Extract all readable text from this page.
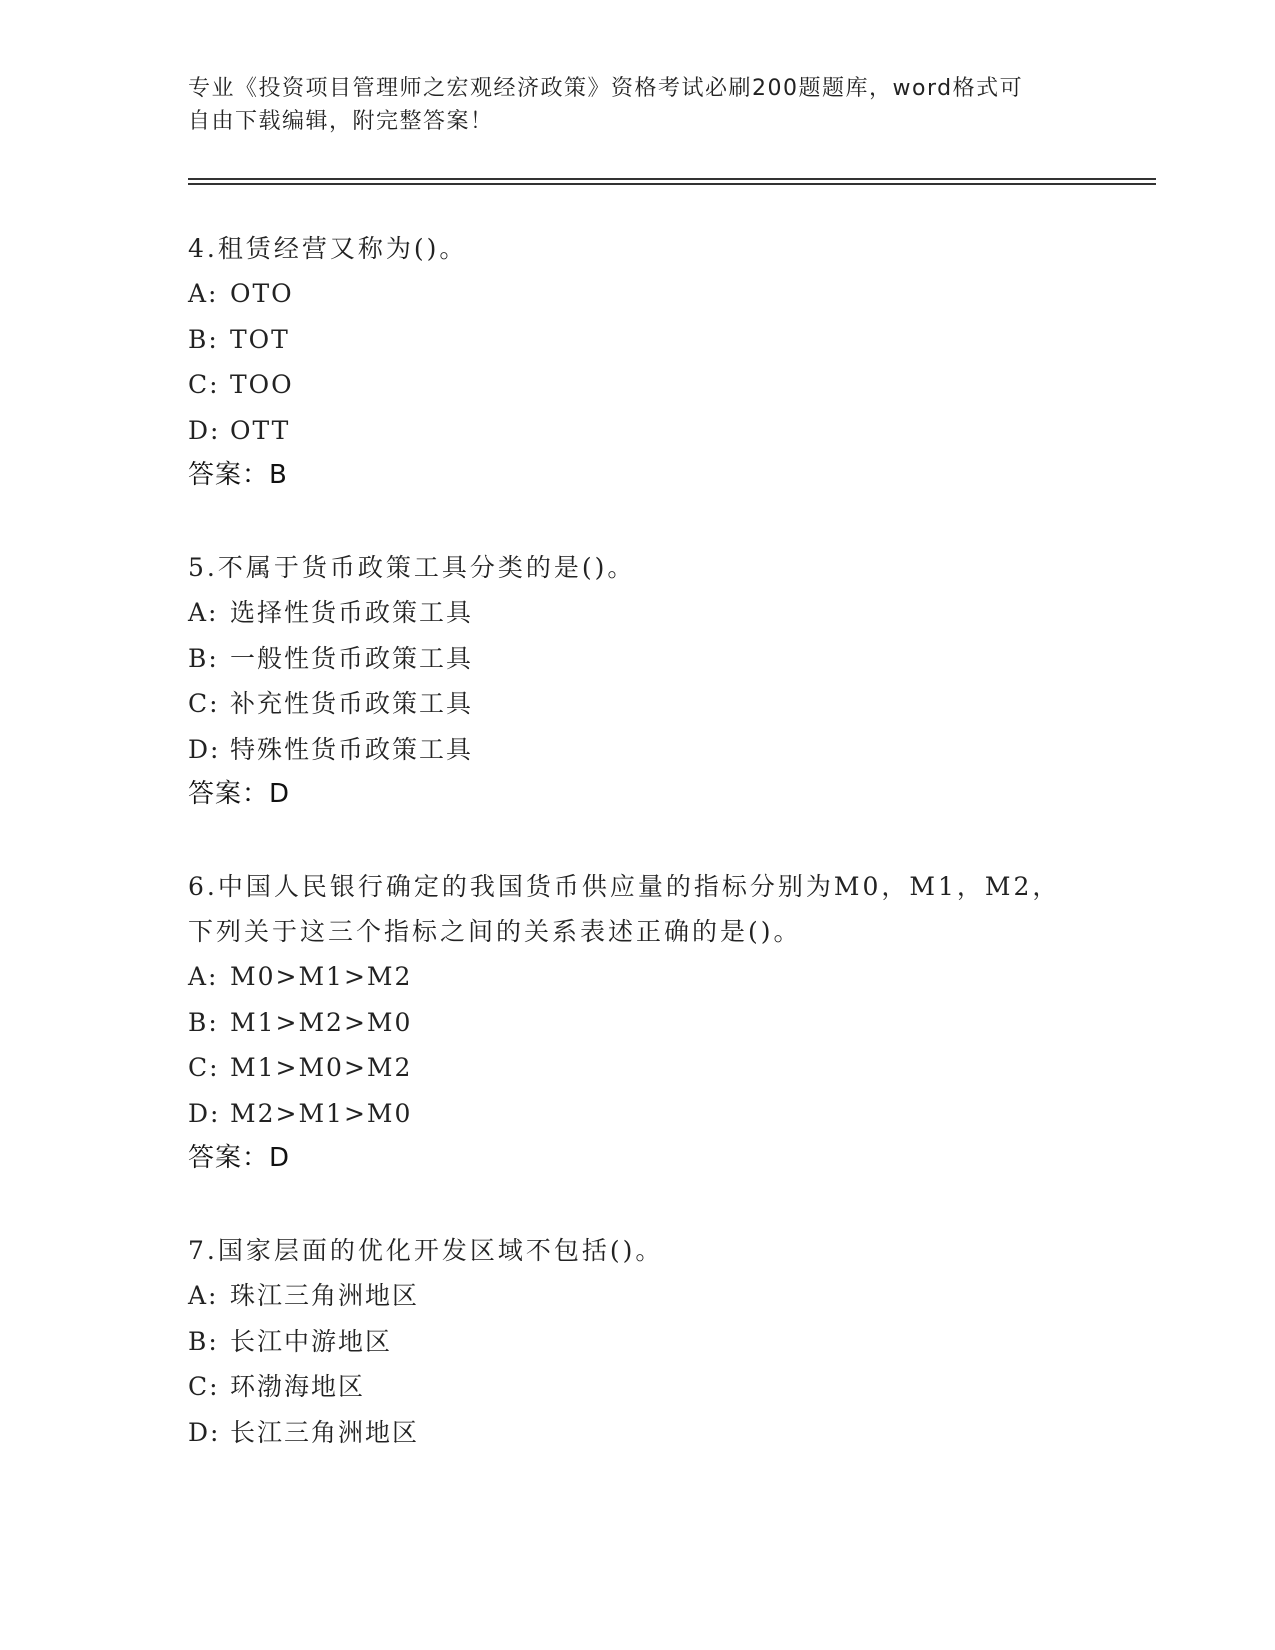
专业《投资项目管理师之宏观经济政策》资格考试必刷200题题库，word格式可
自由下载编辑，附完整答案！

4.租赁经营又称为()。

A: OTO
B: TOT
C: TOO
D: OTT
答案：B

5.不属于货币政策工具分类的是()。

A: 选择性货币政策工具
B: 一般性货币政策工具
C: 补充性货币政策工具
D: 特殊性货币政策工具
答案：D

6.中国人民银行确定的我国货币供应量的指标分别为M0，M1，M2，下列关于这三个指标之间的关系表述正确的是()。

A: M0>M1>M2
B: M1>M2>M0
C: M1>M0>M2
D: M2>M1>M0
答案：D

7.国家层面的优化开发区域不包括()。

A: 珠江三角洲地区
B: 长江中游地区
C: 环渤海地区
D: 长江三角洲地区
